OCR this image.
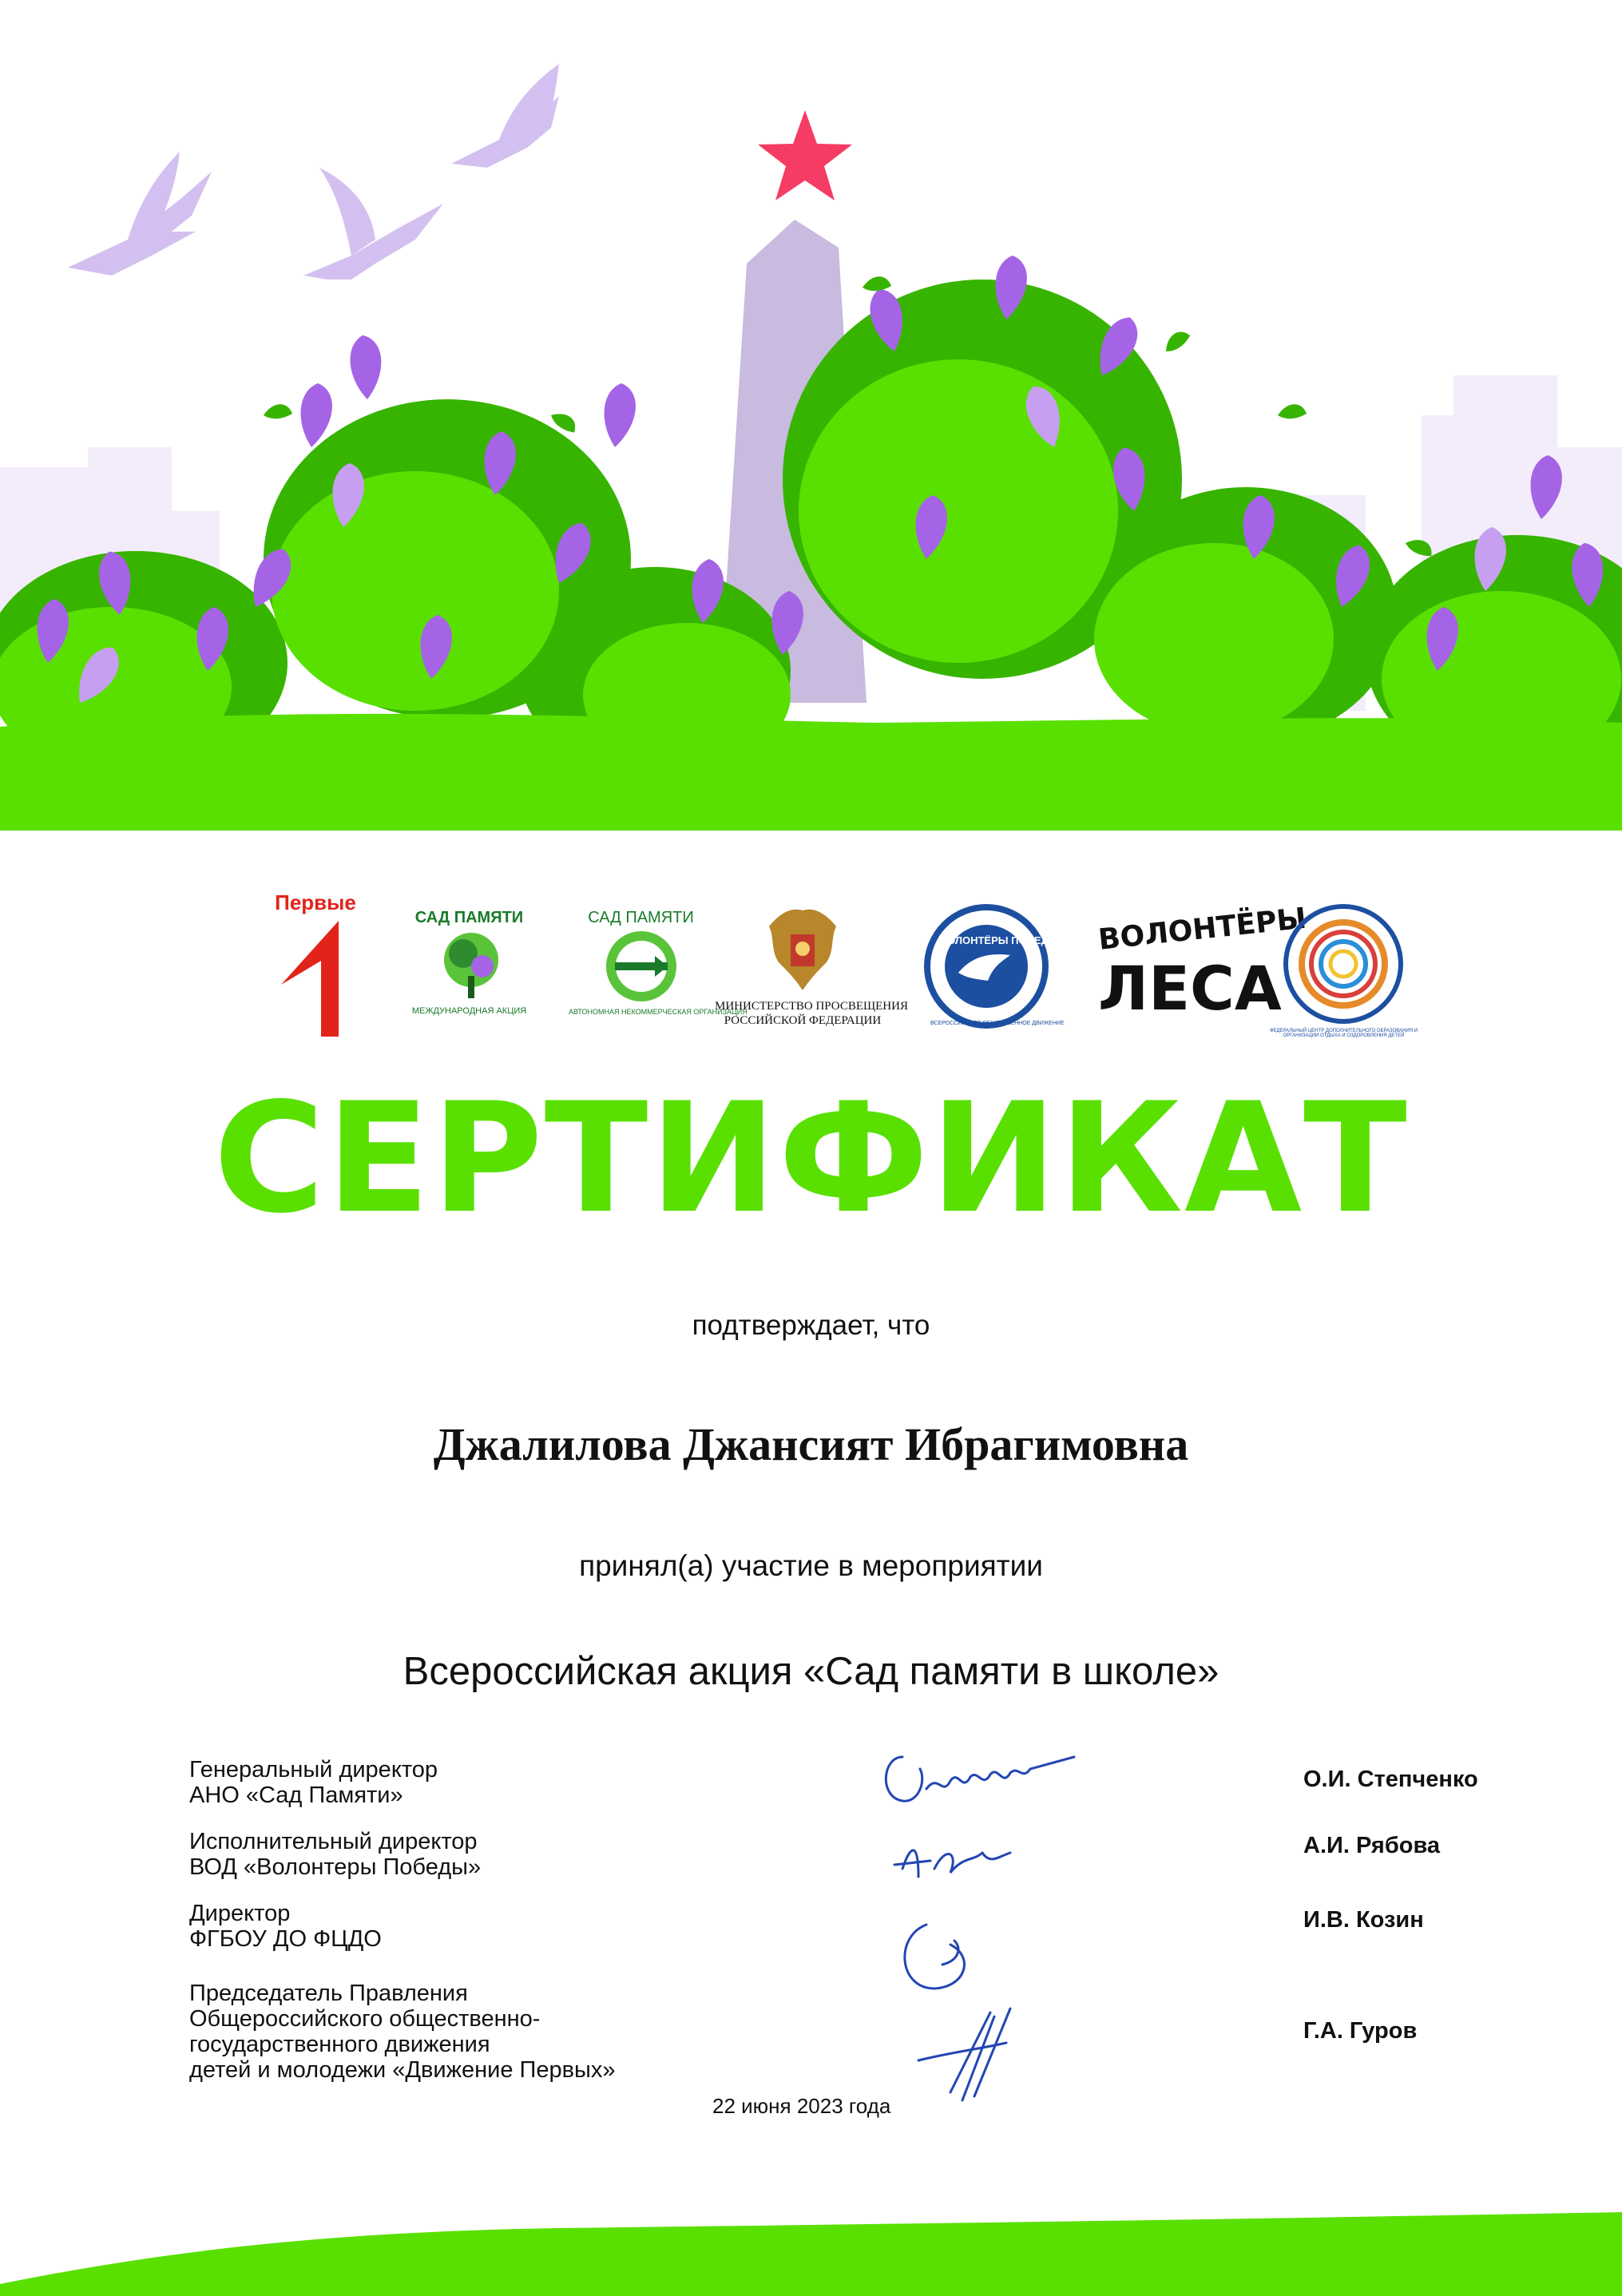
Первые
САД ПАМЯТИ
МЕЖДУНАРОДНАЯ АКЦИЯ
САД ПАМЯТИ
АВТОНОМНАЯ НЕКОММЕРЧЕСКАЯ ОРГАНИЗАЦИЯ
МИНИСТЕРСТВО ПРОСВЕЩЕНИЯ
РОССИЙСКОЙ ФЕДЕРАЦИИ
ВОЛОНТЁРЫ ПОБЕДЫ
ВСЕРОССИЙСКОЕ ОБЩЕСТВЕННОЕ ДВИЖЕНИЕ
ВОЛОНТЁРЫ
ЛЕСА
ФЕДЕРАЛЬНЫЙ ЦЕНТР ДОПОЛНИТЕЛЬНОГО ОБРАЗОВАНИЯ И ОРГАНИЗАЦИИ ОТДЫХА И ОЗДОРОВЛЕНИЯ ДЕТЕЙ
СЕРТИФИКАТ
подтверждает, что
Джалилова Джансият Ибрагимовна
принял(а) участие в мероприятии
Всероссийская акция «Сад памяти в школе»
Генеральный директор
АНО «Сад Памяти»
О.И. Степченко
Исполнительный директор
ВОД «Волонтеры Победы»
А.И. Рябова
Директор
ФГБОУ ДО ФЦДО
И.В. Козин
Председатель Правления
Общероссийского общественно-
государственного движения
детей и молодежи «Движение Первых»
Г.А. Гуров
22 июня 2023 года
